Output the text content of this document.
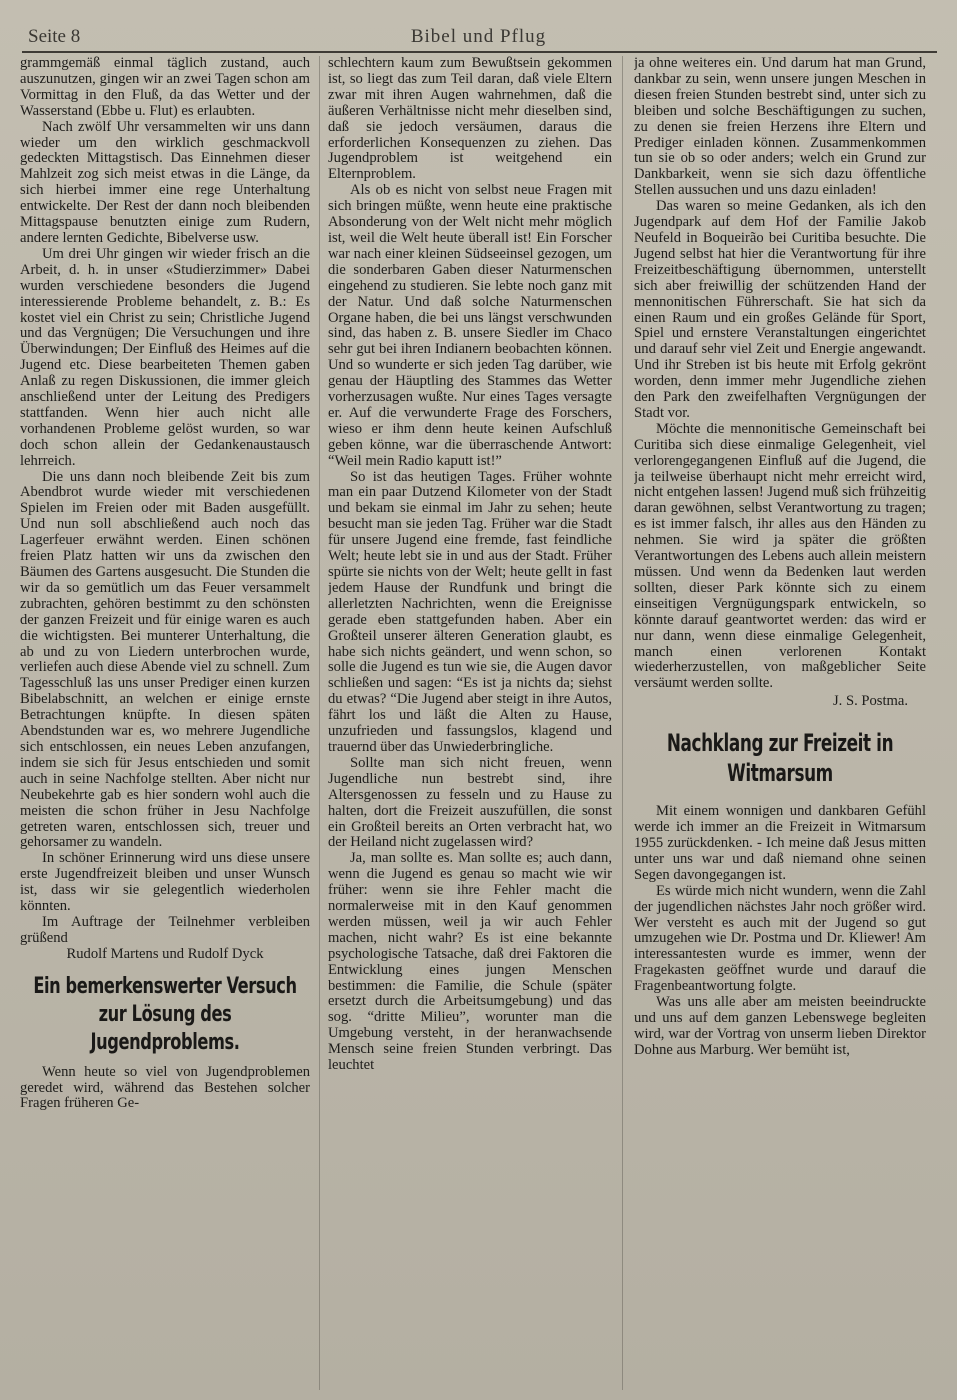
Seite 8	Bibel und Pflug

grammgemäß einmal täglich zustand, auch auszunutzen, gingen wir an zwei Tagen schon am Vormittag in den Fluß, da das Wetter und der Wasserstand (Ebbe u. Flut) es erlaubten.

Nach zwölf Uhr versammelten wir uns dann wieder um den wirklich geschmackvoll gedeckten Mittagstisch. Das Einnehmen dieser Mahlzeit zog sich meist etwas in die Länge, da sich hierbei immer eine rege Unterhaltung entwickelte. Der Rest der dann noch bleibenden Mittagspause benutzten einige zum Rudern, andere lernten Gedichte, Bibelverse usw.

Um drei Uhr gingen wir wieder frisch an die Arbeit, d. h. in unser «Studierzimmer» Dabei wurden verschiedene besonders die Jugend interessierende Probleme behandelt, z. B.: Es kostet viel ein Christ zu sein; Christliche Jugend und das Vergnügen; Die Versuchungen und ihre Überwindungen; Der Einfluß des Heimes auf die Jugend etc. Diese bearbeiteten Themen gaben Anlaß zu regen Diskussionen, die immer gleich anschließend unter der Leitung des Predigers stattfanden. Wenn hier auch nicht alle vorhandenen Probleme gelöst wurden, so war doch schon allein der Gedankenaustausch lehrreich.

Die uns dann noch bleibende Zeit bis zum Abendbrot wurde wieder mit verschiedenen Spielen im Freien oder mit Baden ausgefüllt. Und nun soll abschließend auch noch das Lagerfeuer erwähnt werden. Einen schönen freien Platz hatten wir uns da zwischen den Bäumen des Gartens ausgesucht. Die Stunden die wir da so gemütlich um das Feuer versammelt zubrachten, gehören bestimmt zu den schönsten der ganzen Freizeit und für einige waren es auch die wichtigsten. Bei munterer Unterhaltung, die ab und zu von Liedern unterbrochen wurde, verliefen auch diese Abende viel zu schnell. Zum Tagesschluß las uns unser Prediger einen kurzen Bibelabschnitt, an welchen er einige ernste Betrachtungen knüpfte. In diesen späten Abendstunden war es, wo mehrere Jugendliche sich entschlossen, ein neues Leben anzufangen, indem sie sich für Jesus entschieden und somit auch in seine Nachfolge stellten. Aber nicht nur Neubekehrte gab es hier sondern wohl auch die meisten die schon früher in Jesu Nachfolge getreten waren, entschlossen sich, treuer und gehorsamer zu wandeln.

In schöner Erinnerung wird uns diese unsere erste Jugendfreizeit bleiben und unser Wunsch ist, dass wir sie gelegentlich wiederholen könnten.

Im Auftrage der Teilnehmer verbleiben grüßend

Rudolf Martens und Rudolf Dyck

Ein bemerkenswerter Versuch zur Lösung des Jugendproblems.

Wenn heute so viel von Jugendproblemen geredet wird, während das Bestehen solcher Fragen früheren Ge-

schlechtern kaum zum Bewußtsein gekommen ist, so liegt das zum Teil daran, daß viele Eltern zwar mit ihren Augen wahrnehmen, daß die äußeren Verhältnisse nicht mehr dieselben sind, daß sie jedoch versäumen, daraus die erforderlichen Konsequenzen zu ziehen. Das Jugendproblem ist weitgehend ein Elternproblem.

Als ob es nicht von selbst neue Fragen mit sich bringen müßte, wenn heute eine praktische Absonderung von der Welt nicht mehr möglich ist, weil die Welt heute überall ist! Ein Forscher war nach einer kleinen Südseeinsel gezogen, um die sonderbaren Gaben dieser Naturmenschen eingehend zu studieren. Sie lebte noch ganz mit der Natur. Und daß solche Naturmenschen Organe haben, die bei uns längst verschwunden sind, das haben z. B. unsere Siedler im Chaco sehr gut bei ihren Indianern beobachten können. Und so wunderte er sich jeden Tag darüber, wie genau der Häuptling des Stammes das Wetter vorherzusagen wußte. Nur eines Tages versagte er. Auf die verwunderte Frage des Forschers, wieso er ihm denn heute keinen Aufschluß geben könne, war die überraschende Antwort: “Weil mein Radio kaputt ist!”

So ist das heutigen Tages. Früher wohnte man ein paar Dutzend Kilometer von der Stadt und bekam sie einmal im Jahr zu sehen; heute besucht man sie jeden Tag. Früher war die Stadt für unsere Jugend eine fremde, fast feindliche Welt; heute lebt sie in und aus der Stadt. Früher spürte sie nichts von der Welt; heute gellt in fast jedem Hause der Rundfunk und bringt die allerletzten Nachrichten, wenn die Ereignisse gerade eben stattgefunden haben. Aber ein Großteil unserer älteren Generation glaubt, es habe sich nichts geändert, und wenn schon, so solle die Jugend es tun wie sie, die Augen davor schließen und sagen: “Es ist ja nichts da; siehst du etwas? “Die Jugend aber steigt in ihre Autos, fährt los und läßt die Alten zu Hause, unzufrieden und fassungslos, klagend und trauernd über das Unwiederbringliche.

Sollte man sich nicht freuen, wenn Jugendliche nun bestrebt sind, ihre Altersgenossen zu fesseln und zu Hause zu halten, dort die Freizeit auszufüllen, die sonst ein Großteil bereits an Orten verbracht hat, wo der Heiland nicht zugelassen wird?

Ja, man sollte es. Man sollte es; auch dann, wenn die Jugend es genau so macht wie wir früher: wenn sie ihre Fehler macht die normalerweise mit in den Kauf genommen werden müssen, weil ja wir auch Fehler machen, nicht wahr? Es ist eine bekannte psychologische Tatsache, daß drei Faktoren die Entwicklung eines jungen Menschen bestimmen: die Familie, die Schule (später ersetzt durch die Arbeitsumgebung) und das sog. “dritte Milieu”, worunter man die Umgebung versteht, in der heranwachsende Mensch seine freien Stunden verbringt. Das leuchtet

ja ohne weiteres ein. Und darum hat man Grund, dankbar zu sein, wenn unsere jungen Meschen in diesen freien Stunden bestrebt sind, unter sich zu bleiben und solche Beschäftigungen zu suchen, zu denen sie freien Herzens ihre Eltern und Prediger einladen können. Zusammenkommen tun sie ob so oder anders; welch ein Grund zur Dankbarkeit, wenn sie sich dazu öffentliche Stellen aussuchen und uns dazu einladen!

Das waren so meine Gedanken, als ich den Jugendpark auf dem Hof der Familie Jakob Neufeld in Boqueirão bei Curitiba besuchte. Die Jugend selbst hat hier die Verantwortung für ihre Freizeitbeschäftigung übernommen, unterstellt sich aber freiwillig der schützenden Hand der mennonitischen Führerschaft. Sie hat sich da einen Raum und ein großes Gelände für Sport, Spiel und ernstere Veranstaltungen eingerichtet und darauf sehr viel Zeit und Energie angewandt. Und ihr Streben ist bis heute mit Erfolg gekrönt worden, denn immer mehr Jugendliche ziehen den Park den zweifelhaften Vergnügungen der Stadt vor.

Möchte die mennonitische Gemeinschaft bei Curitiba sich diese einmalige Gelegenheit, viel verlorengegangenen Einfluß auf die Jugend, die ja teilweise überhaupt nicht mehr erreicht wird, nicht entgehen lassen! Jugend muß sich frühzeitig daran gewöhnen, selbst Verantwortung zu tragen; es ist immer falsch, ihr alles aus den Händen zu nehmen. Sie wird ja später die größten Verantwortungen des Lebens auch allein meistern müssen. Und wenn da Bedenken laut werden sollten, dieser Park könnte sich zu einem einseitigen Vergnügungspark entwickeln, so könnte darauf geantwortet werden: das wird er nur dann, wenn diese einmalige Gelegenheit, manch einen verlorenen Kontakt wiederherzustellen, von maßgeblicher Seite versäumt werden sollte.

J. S. Postma.

Nachklang zur Freizeit in Witmarsum

Mit einem wonnigen und dankbaren Gefühl werde ich immer an die Freizeit in Witmarsum 1955 zurückdenken. - Ich meine daß Jesus mitten unter uns war und daß niemand ohne seinen Segen davongegangen ist.

Es würde mich nicht wundern, wenn die Zahl der jugendlichen nächstes Jahr noch größer wird. Wer versteht es auch mit der Jugend so gut umzugehen wie Dr. Postma und Dr. Kliewer! Am interessantesten wurde es immer, wenn der Fragekasten geöffnet wurde und darauf die Fragenbeantwortung folgte.

Was uns alle aber am meisten beeindruckte und uns auf dem ganzen Lebenswege begleiten wird, war der Vortrag von unserm lieben Direktor Dohne aus Marburg. Wer bemüht ist,
